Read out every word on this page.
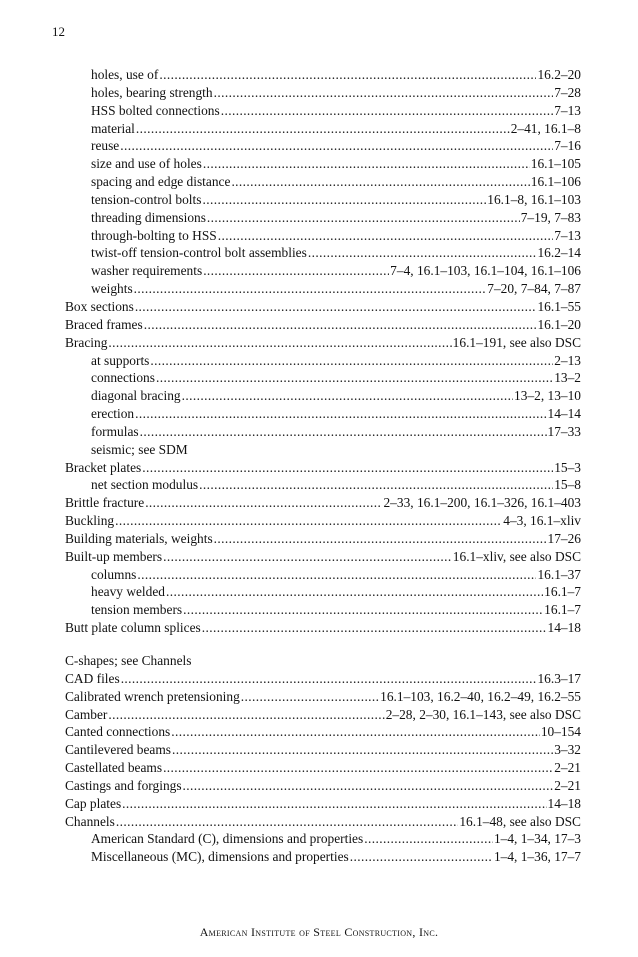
12
holes, use of .....	16.2–20
holes, bearing strength .....	7–28
HSS bolted connections .....	7–13
material .....	2–41, 16.1–8
reuse .....	7–16
size and use of holes .....	16.1–105
spacing and edge distance .....	16.1–106
tension-control bolts .....	16.1–8, 16.1–103
threading dimensions .....	7–19, 7–83
through-bolting to HSS .....	7–13
twist-off tension-control bolt assemblies .....	16.2–14
washer requirements .....	7–4, 16.1–103, 16.1–104, 16.1–106
weights .....	7–20, 7–84, 7–87
Box sections .....	16.1–55
Braced frames .....	16.1–20
Bracing .....	16.1–191, see also DSC
at supports .....	2–13
connections .....	13–2
diagonal bracing .....	13–2, 13–10
erection .....	14–14
formulas .....	17–33
seismic; see SDM
Bracket plates .....	15–3
net section modulus .....	15–8
Brittle fracture .....	2–33, 16.1–200, 16.1–326, 16.1–403
Buckling .....	4–3, 16.1–xliv
Building materials, weights .....	17–26
Built-up members .....	16.1–xliv, see also DSC
columns .....	16.1–37
heavy welded .....	16.1–7
tension members .....	16.1–7
Butt plate column splices .....	14–18
C-shapes; see Channels
CAD files .....	16.3–17
Calibrated wrench pretensioning .....	16.1–103, 16.2–40, 16.2–49, 16.2–55
Camber .....	2–28, 2–30, 16.1–143, see also DSC
Canted connections .....	10–154
Cantilevered beams .....	3–32
Castellated beams .....	2–21
Castings and forgings .....	2–21
Cap plates .....	14–18
Channels .....	16.1–48, see also DSC
American Standard (C), dimensions and properties .....	1–4, 1–34, 17–3
Miscellaneous (MC), dimensions and properties .....	1–4, 1–36, 17–7
American Institute of Steel Construction, Inc.
